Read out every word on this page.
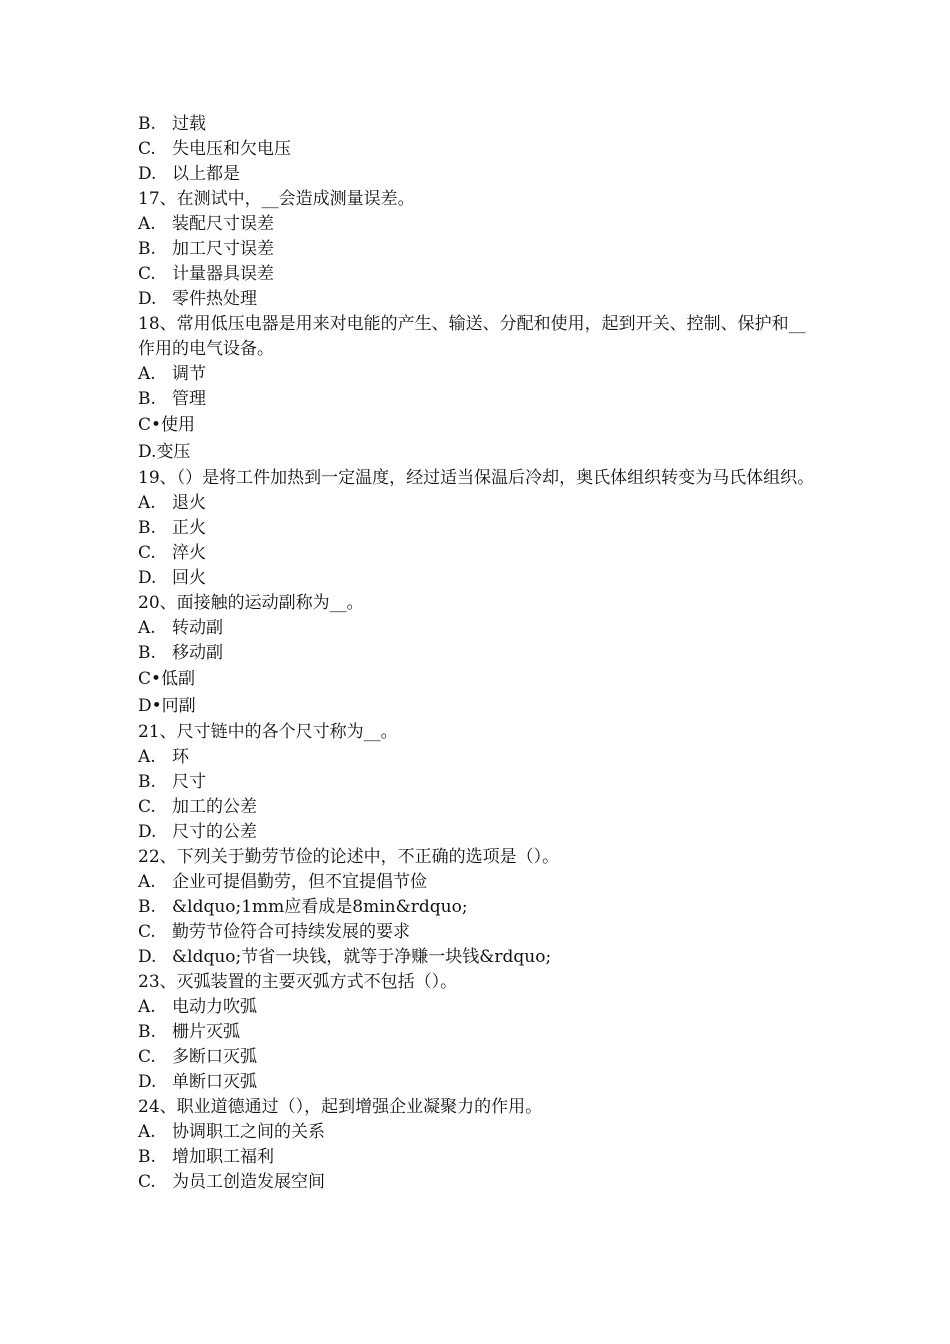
B. 过载
C. 失电压和欠电压
D. 以上都是
17、在测试中，__会造成测量误差。
A. 装配尺寸误差
B. 加工尺寸误差
C. 计量器具误差
D. 零件热处理
18、常用低压电器是用来对电能的产生、输送、分配和使用，起到开关、控制、保护和__作用的电气设备。
A. 调节
B. 管理
C• 使用
D. 变压
19、（）是将工件加热到一定温度，经过适当保温后冷却，奥氏体组织转变为马氏体组织。
A. 退火
B. 正火
C. 淬火
D. 回火
20、面接触的运动副称为__。
A. 转动副
B. 移动副
C• 低副
D• 冋副
21、尺寸链中的各个尺寸称为__。
A. 环
B. 尺寸
C. 加工的公差
D. 尺寸的公差
22、下列关于勤劳节俭的论述中，不正确的选项是（）。
A. 企业可提倡勤劳，但不宜提倡节俭
B. &ldquo;1mm应看成是8min&rdquo;
C. 勤劳节俭符合可持续发展的要求
D. &ldquo;节省一块钱，就等于净赚一块钱&rdquo;
23、灭弧装置的主要灭弧方式不包括（）。
A. 电动力吹弧
B. 栅片灭弧
C. 多断口灭弧
D. 单断口灭弧
24、职业道德通过（），起到增强企业凝聚力的作用。
A. 协调职工之间的关系
B. 增加职工福利
C. 为员工创造发展空间
